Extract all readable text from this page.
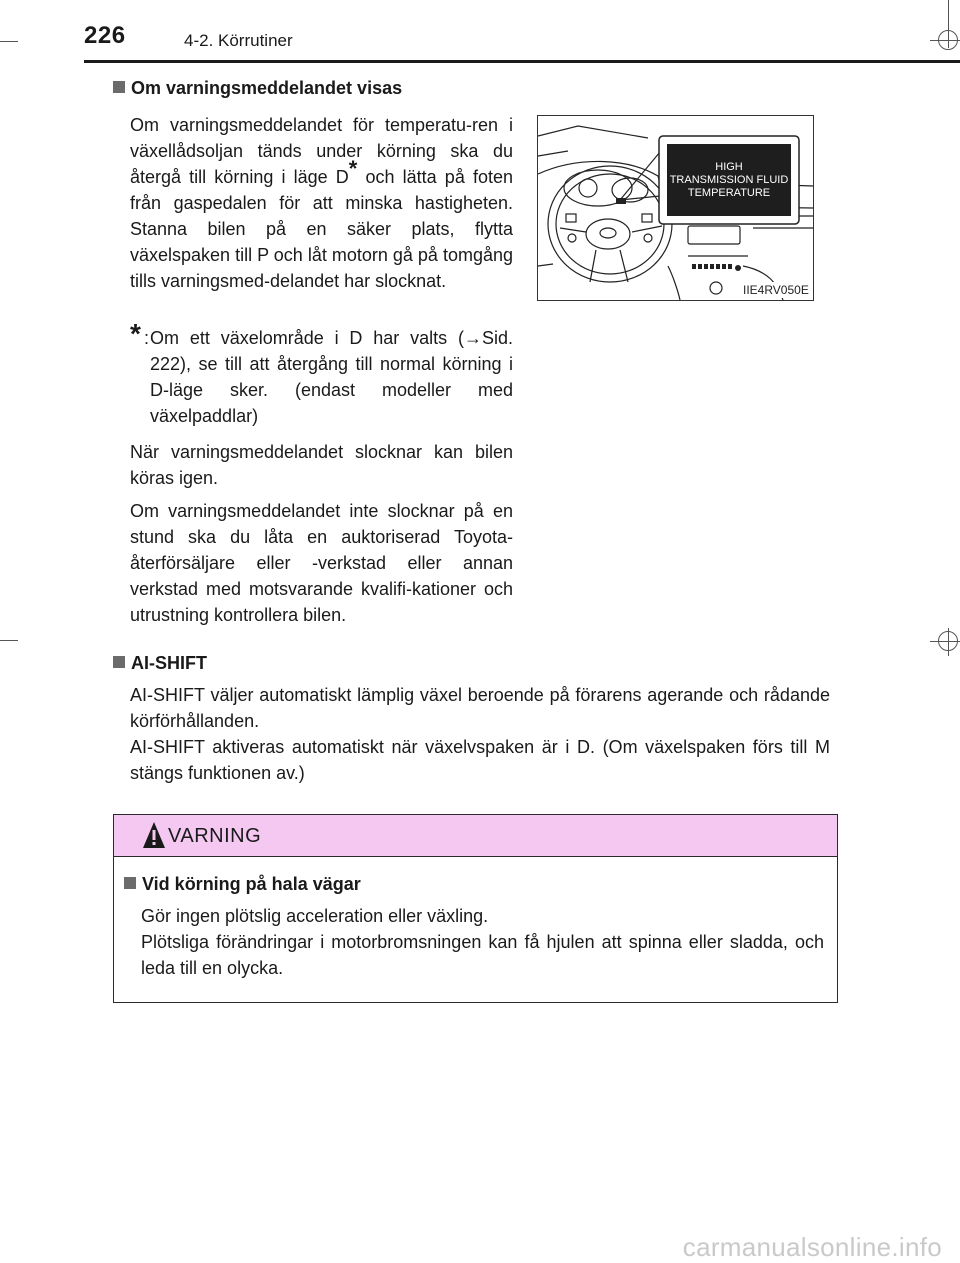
226	4-2. Körrutiner
Om varningsmeddelandet visas
Om varningsmeddelandet för temperatu-ren i växellådsoljan tänds under körning ska du återgå till körning i läge D* och lätta på foten från gaspedalen för att minska hastigheten. Stanna bilen på en säker plats, flytta växelspaken till P och låt motorn gå på tomgång tills varningsmed-delandet har slocknat.
HIGH
TRANSMISSION FLUID
TEMPERATURE
IIE4RV050E
* : Om ett växelområde i D har valts (→Sid. 222), se till att återgång till normal körning i D-läge sker. (endast modeller med växelpaddlar)
När varningsmeddelandet slocknar kan bilen köras igen.
Om varningsmeddelandet inte slocknar på en stund ska du låta en auktoriserad Toyota-återförsäljare eller -verkstad eller annan verkstad med motsvarande kvalifi-kationer och utrustning kontrollera bilen.
AI-SHIFT
AI-SHIFT väljer automatiskt lämplig växel beroende på förarens agerande och rådande körförhållanden.
AI-SHIFT aktiveras automatiskt när växelvspaken är i D. (Om växelspaken förs till M stängs funktionen av.)
VARNING
Vid körning på hala vägar
Gör ingen plötslig acceleration eller växling.
Plötsliga förändringar i motorbromsningen kan få hjulen att spinna eller sladda, och leda till en olycka.
carmanualsonline.info
